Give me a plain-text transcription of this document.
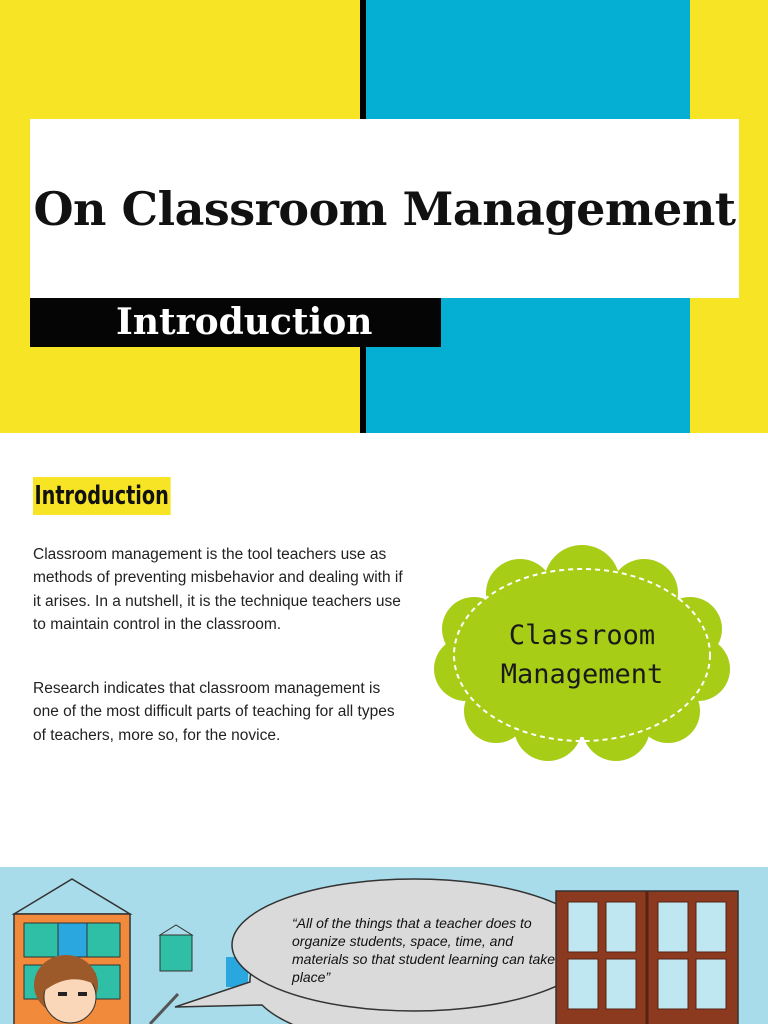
On Classroom Management
Introduction
Introduction

Classroom management is the tool teachers use as methods of preventing misbehavior and dealing with if it arises. In a nutshell, it is the technique teachers use to maintain control in the classroom.

Research indicates that classroom management is one of the most difficult parts of teaching for all types of teachers, more so, for the novice.

Classroom
Management

“All of the things that a teacher does to organize students, space, time, and materials so that student learning can take place”
